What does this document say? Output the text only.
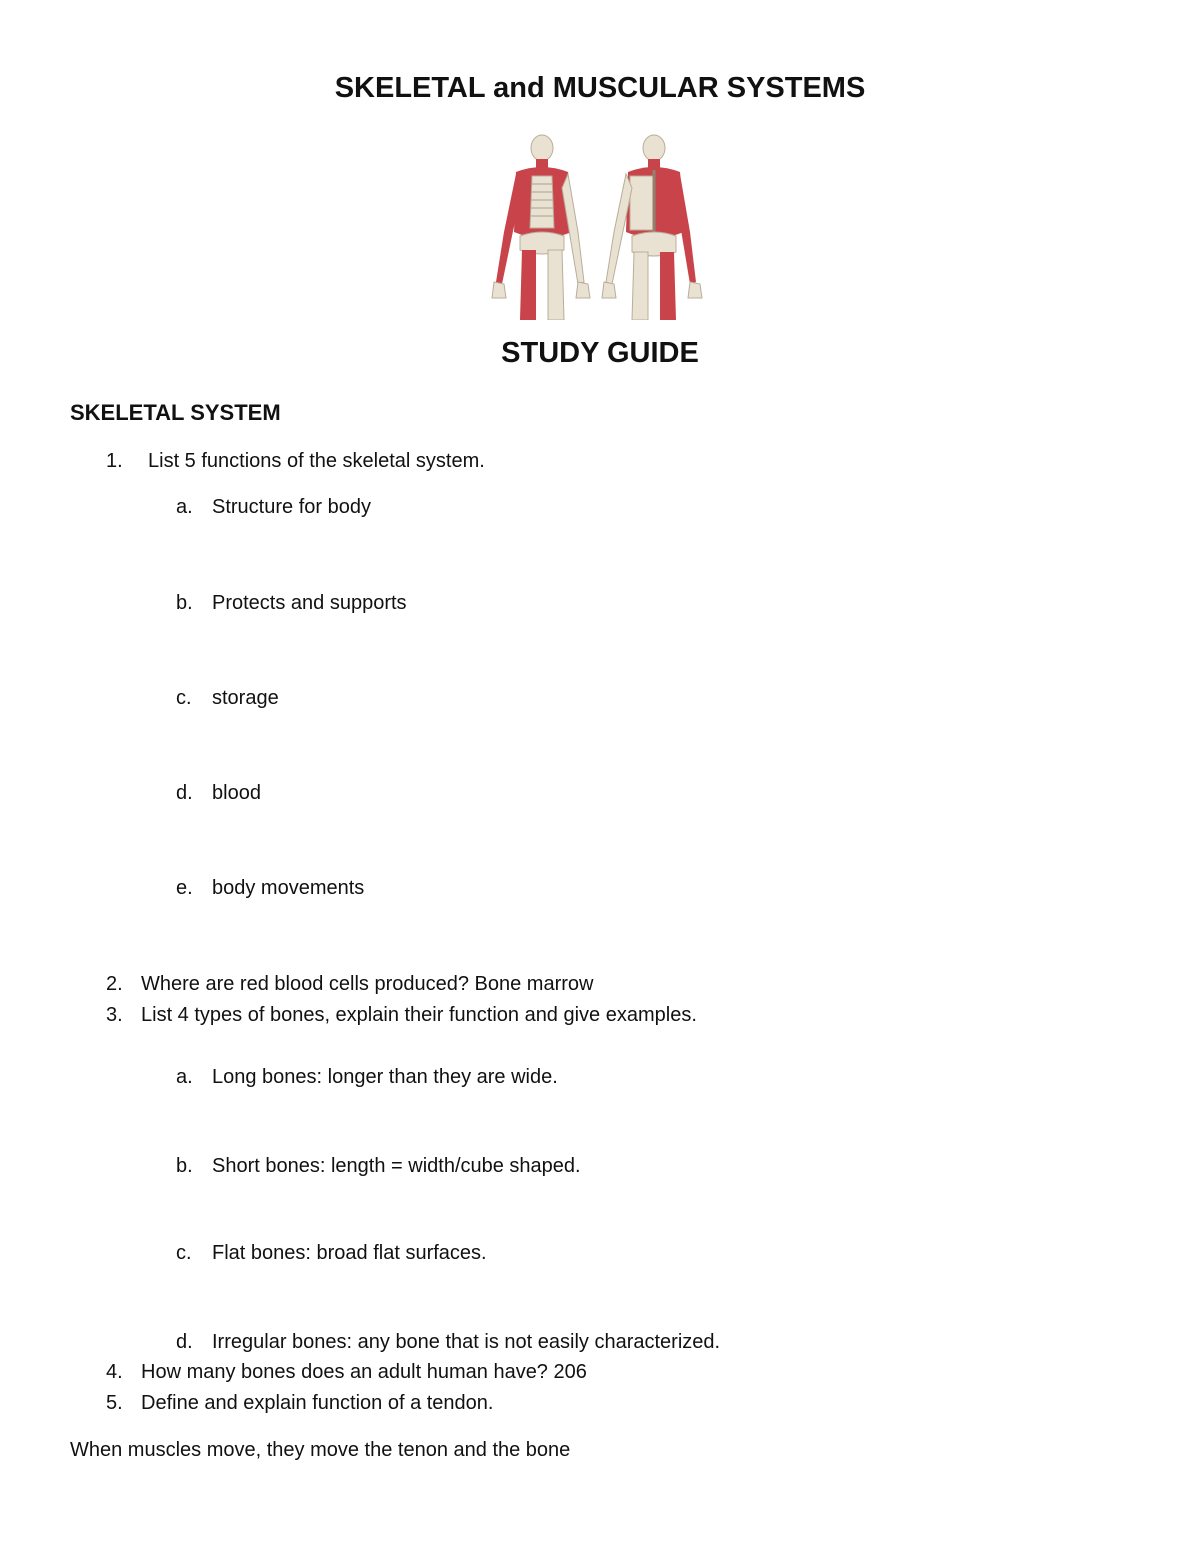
SKELETAL and MUSCULAR SYSTEMS
STUDY GUIDE
SKELETAL SYSTEM
1.	List 5 functions of the skeletal system.
a. Structure for body
b. Protects and supports
c.	storage
d. blood
e. body movements
2. Where are red blood cells produced? Bone marrow
3. List 4 types of bones, explain their function and give examples.
a. Long bones: longer than they are wide.
b. Short bones: length = width/cube shaped.
c.	Flat bones: broad flat surfaces.
d. Irregular bones: any bone that is not easily characterized.
4. How many bones does an adult human have? 206
5. Define and explain function of a tendon.
When muscles move, they move the tenon and the bone
